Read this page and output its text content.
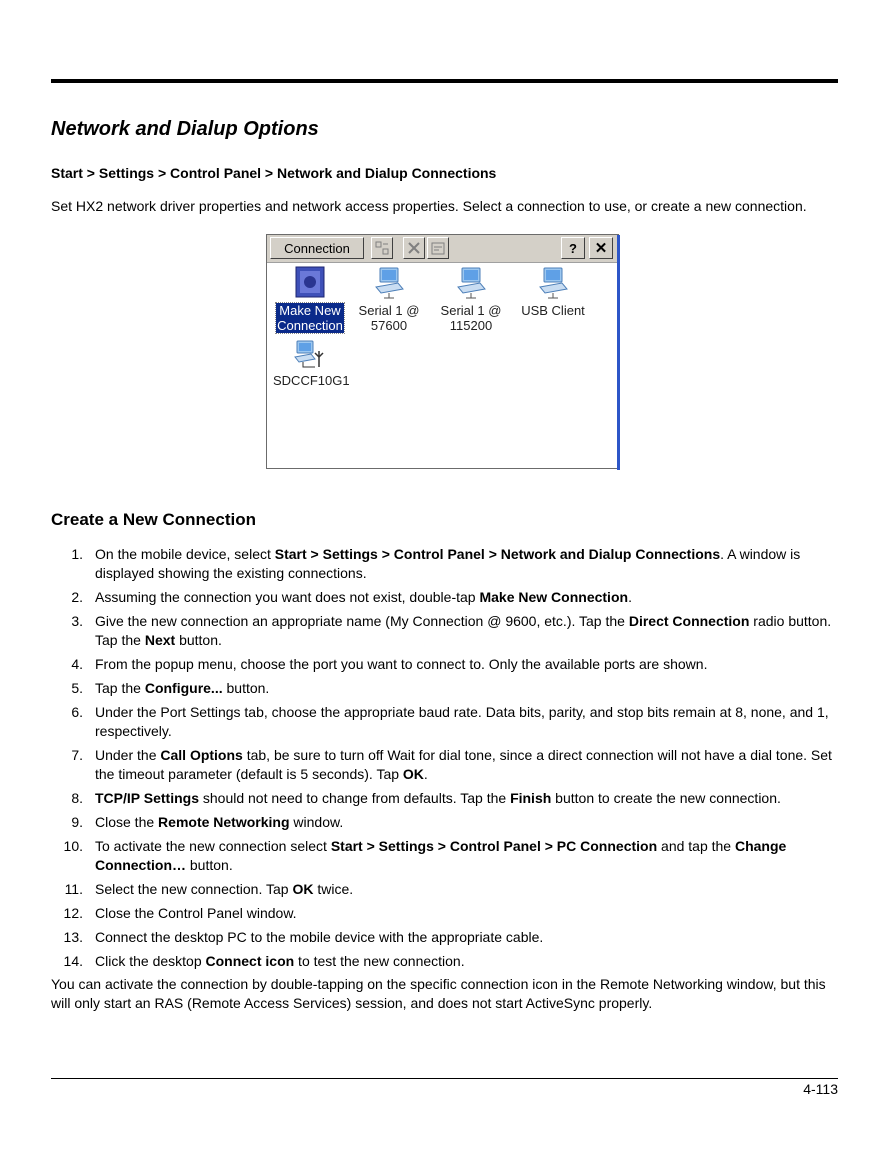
Network and Dialup Options

Start > Settings > Control Panel > Network and Dialup Connections

Set HX2 network driver properties and network access properties. Select a connection to use, or create a new connection.

Connection	?	✕
Make New
Connection
Serial 1 @
57600
Serial 1 @
115200
USB Client
SDCCF10G1
Create a New Connection
1. On the mobile device, select Start > Settings > Control Panel > Network and Dialup Connections. A window is displayed showing the existing connections.
2. Assuming the connection you want does not exist, double-tap Make New Connection.
3. Give the new connection an appropriate name (My Connection @ 9600, etc.). Tap the Direct Connection radio button. Tap the Next button.
4. From the popup menu, choose the port you want to connect to. Only the available ports are shown.
5. Tap the Configure... button.
6. Under the Port Settings tab, choose the appropriate baud rate. Data bits, parity, and stop bits remain at 8, none, and 1, respectively.
7. Under the Call Options tab, be sure to turn off Wait for dial tone, since a direct connection will not have a dial tone. Set the timeout parameter (default is 5 seconds). Tap OK.
8. TCP/IP Settings should not need to change from defaults. Tap the Finish button to create the new connection.
9. Close the Remote Networking window.
10. To activate the new connection select Start > Settings > Control Panel > PC Connection and tap the Change Connection… button.
11. Select the new connection. Tap OK twice.
12. Close the Control Panel window.
13. Connect the desktop PC to the mobile device with the appropriate cable.
14. Click the desktop Connect icon to test the new connection.

You can activate the connection by double-tapping on the specific connection icon in the Remote Networking window, but this will only start an RAS (Remote Access Services) session, and does not start ActiveSync properly.

4-113
